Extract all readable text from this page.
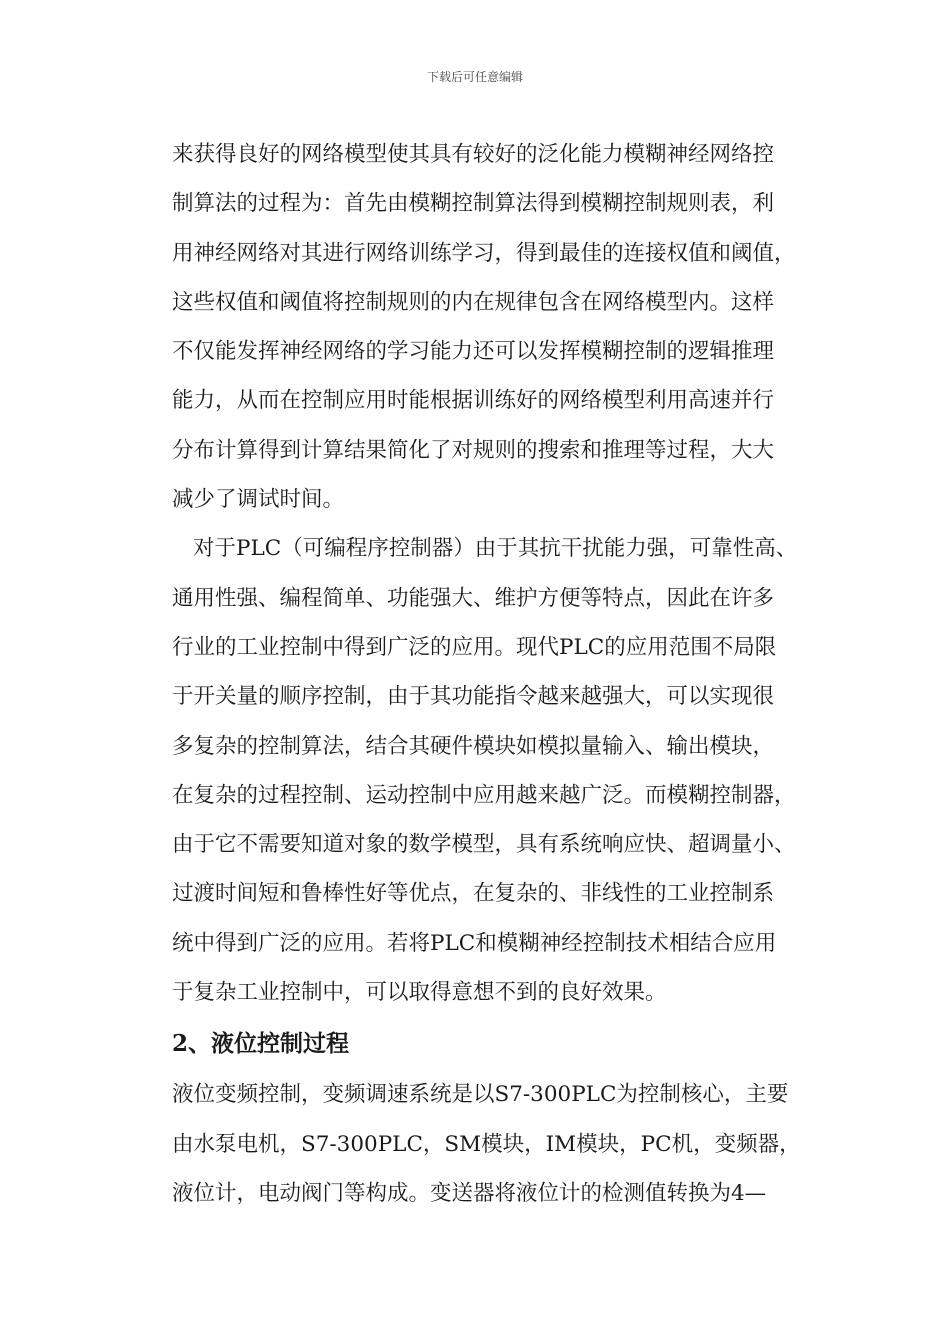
下载后可任意编辑
来获得良好的网络模型使其具有较好的泛化能力模糊神经网络控
制算法的过程为：首先由模糊控制算法得到模糊控制规则表，利
用神经网络对其进行网络训练学习，得到最佳的连接权值和阈值，
这些权值和阈值将控制规则的内在规律包含在网络模型内。这样
不仅能发挥神经网络的学习能力还可以发挥模糊控制的逻辑推理
能力，从而在控制应用时能根据训练好的网络模型利用高速并行
分布计算得到计算结果简化了对规则的搜索和推理等过程，大大
减少了调试时间。
对于PLC（可编程序控制器）由于其抗干扰能力强，可靠性高、
通用性强、编程简单、功能强大、维护方便等特点，因此在许多
行业的工业控制中得到广泛的应用。现代PLC的应用范围不局限
于开关量的顺序控制，由于其功能指令越来越强大，可以实现很
多复杂的控制算法，结合其硬件模块如模拟量输入、输出模块，
在复杂的过程控制、运动控制中应用越来越广泛。而模糊控制器，
由于它不需要知道对象的数学模型，具有系统响应快、超调量小、
过渡时间短和鲁棒性好等优点，在复杂的、非线性的工业控制系
统中得到广泛的应用。若将PLC和模糊神经控制技术相结合应用
于复杂工业控制中，可以取得意想不到的良好效果。
2、液位控制过程
液位变频控制，变频调速系统是以S7-300PLC为控制核心，主要
由水泵电机，S7-300PLC，SM模块，IM模块，PC机，变频器，
液位计，电动阀门等构成。变送器将液位计的检测值转换为4—
